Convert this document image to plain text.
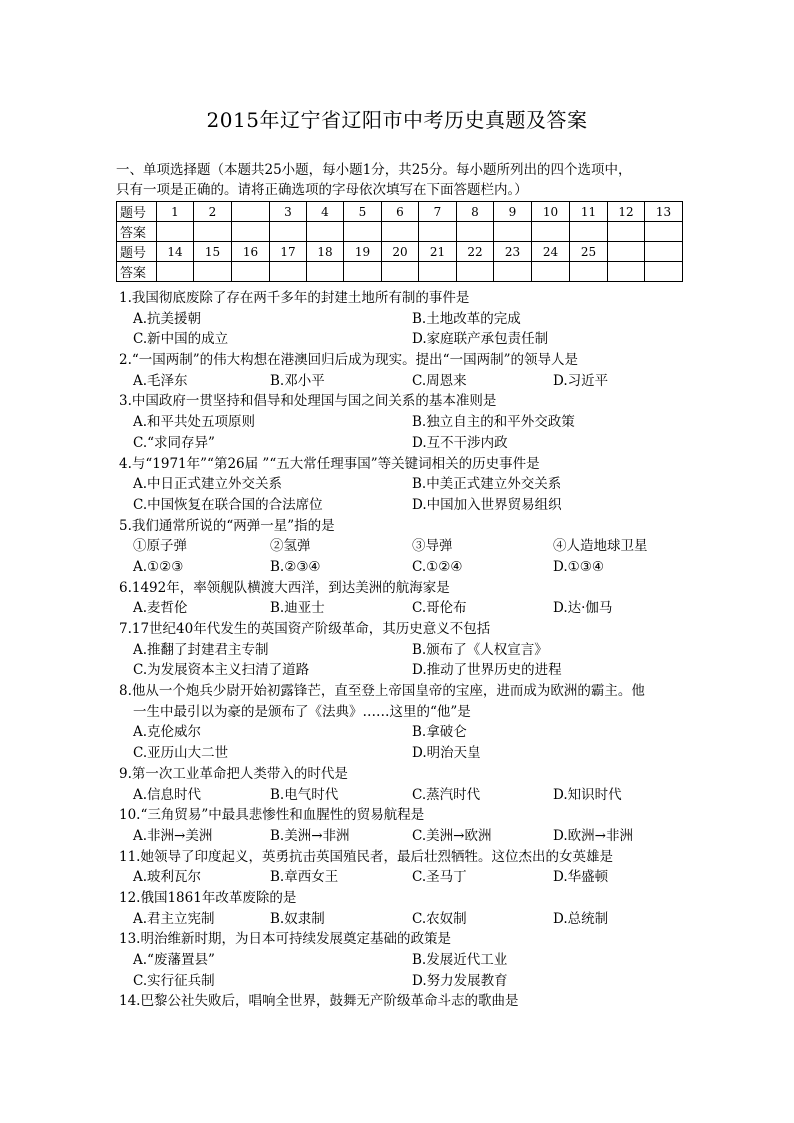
2015年辽宁省辽阳市中考历史真题及答案
一、单项选择题（本题共25小题，每小题1分，共25分。每小题所列出的四个选项中，
只有一项是正确的。请将正确选项的字母依次填写在下面答题栏内。）
题号	1	2		3	4	5	6	7	8	9	10	11	12	13
答案														
题号	14	15	16	17	18	19	20	21	22	23	24	25		
答案														
1.我国彻底废除了存在两千多年的封建土地所有制的事件是
A.抗美援朝	B.土地改革的完成
C.新中国的成立	D.家庭联产承包责任制
2.“一国两制”的伟大构想在港澳回归后成为现实。提出“一国两制”的领导人是
A.毛泽东	B.邓小平	C.周恩来	D.习近平
3.中国政府一贯坚持和倡导和处理国与国之间关系的基本准则是
A.和平共处五项原则	B.独立自主的和平外交政策
C.“求同存异”	D.互不干涉内政
4.与“1971年”“第26届 ”“五大常任理事国”等关键词相关的历史事件是
A.中日正式建立外交关系	B.中美正式建立外交关系
C.中国恢复在联合国的合法席位	D.中国加入世界贸易组织
5.我们通常所说的“两弹一星”指的是
①原子弹	②氢弹	③导弹	④人造地球卫星
A.①②③	B.②③④	C.①②④	D.①③④
6.1492年，率领舰队横渡大西洋，到达美洲的航海家是
A.麦哲伦	B.迪亚士	C.哥伦布	D.达·伽马
7.17世纪40年代发生的英国资产阶级革命，其历史意义不包括
A.推翻了封建君主专制	B.颁布了《人权宣言》
C.为发展资本主义扫清了道路	D.推动了世界历史的进程
8.他从一个炮兵少尉开始初露锋芒，直至登上帝国皇帝的宝座，进而成为欧洲的霸主。他
一生中最引以为豪的是颁布了《法典》……这里的“他”是
A.克伦威尔	B.拿破仑
C.亚历山大二世	D.明治天皇
9.第一次工业革命把人类带入的时代是
A.信息时代	B.电气时代	C.蒸汽时代	D.知识时代
10.“三角贸易”中最具悲惨性和血腥性的贸易航程是
A.非洲→美洲	B.美洲→非洲	C.美洲→欧洲	D.欧洲→非洲
11.她领导了印度起义，英勇抗击英国殖民者，最后壮烈牺牲。这位杰出的女英雄是
A.玻利瓦尔	B.章西女王	C.圣马丁	D.华盛顿
12.俄国1861年改革废除的是
A.君主立宪制	B.奴隶制	C.农奴制	D.总统制
13.明治维新时期，为日本可持续发展奠定基础的政策是
A.“废藩置县”	B.发展近代工业
C.实行征兵制	D.努力发展教育
14.巴黎公社失败后，唱响全世界，鼓舞无产阶级革命斗志的歌曲是
